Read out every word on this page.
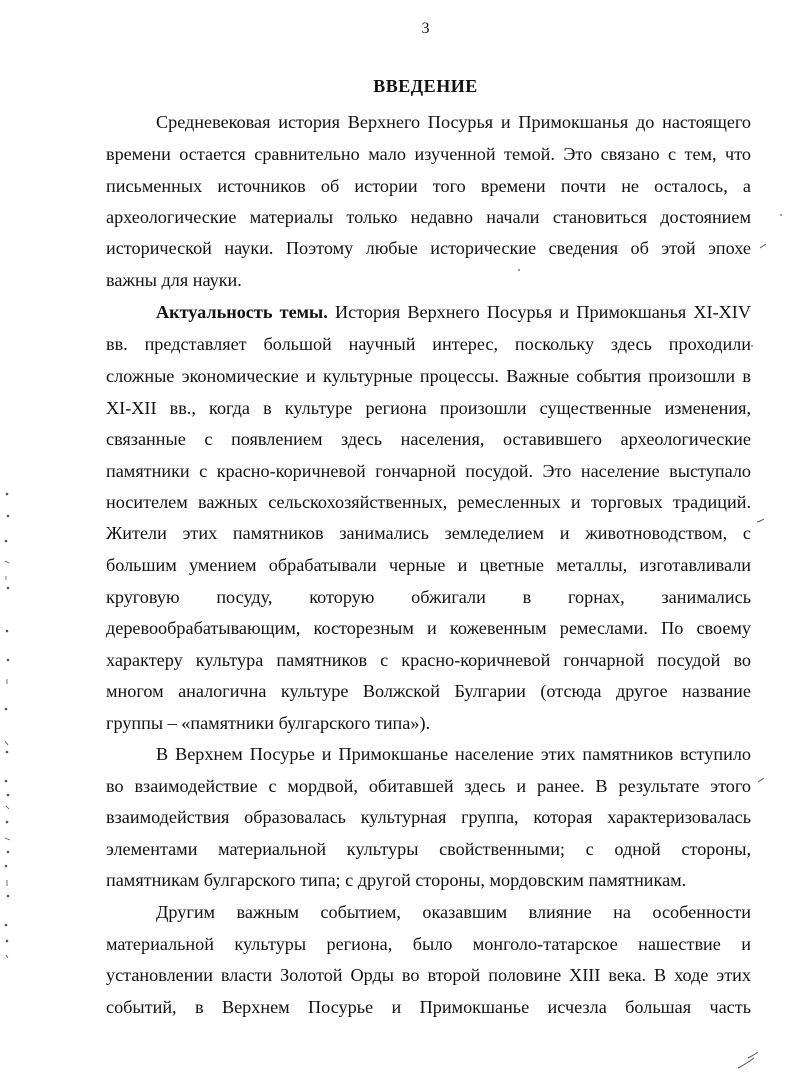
3
ВВЕДЕНИЕ
Средневековая история Верхнего Посурья и Примокшанья до настоящего
времени остается сравнительно мало изученной темой. Это связано с тем, что
письменных источников об истории того времени почти не осталось, а
археологические материалы только недавно начали становиться достоянием
исторической науки. Поэтому любые исторические сведения об этой эпохе
важны для науки.
Актуальность темы. История Верхнего Посурья и Примокшанья XI-XIV
вв. представляет большой научный интерес, поскольку здесь проходили
сложные экономические и культурные процессы. Важные события произошли в
XI-XII вв., когда в культуре региона произошли существенные изменения,
связанные с появлением здесь населения, оставившего археологические
памятники с красно-коричневой гончарной посудой. Это население выступало
носителем важных сельскохозяйственных, ремесленных и торговых традиций.
Жители этих памятников занимались земледелием и животноводством, с
большим умением обрабатывали черные и цветные металлы, изготавливали
круговую посуду, которую обжигали в горнах, занимались
деревообрабатывающим, косторезным и кожевенным ремеслами. По своему
характеру культура памятников с красно-коричневой гончарной посудой во
многом аналогична культуре Волжской Булгарии (отсюда другое название
группы – «памятники булгарского типа»).
В Верхнем Посурье и Примокшанье население этих памятников вступило
во взаимодействие с мордвой, обитавшей здесь и ранее. В результате этого
взаимодействия образовалась культурная группа, которая характеризовалась
элементами материальной культуры свойственными; с одной стороны,
памятникам булгарского типа; с другой стороны, мордовским памятникам.
Другим важным событием, оказавшим влияние на особенности
материальной культуры региона, было монголо-татарское нашествие и
установлении власти Золотой Орды во второй половине XIII века. В ходе этих
событий, в Верхнем Посурье и Примокшанье исчезла большая часть
